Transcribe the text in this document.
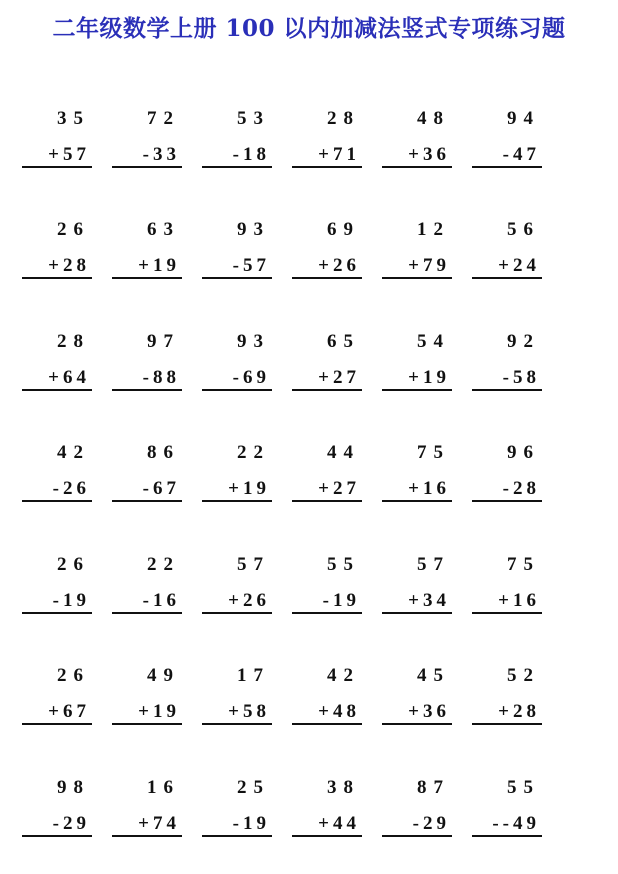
二年级数学上册 100 以内加减法竖式专项练习题
35
+57
72
-33
53
-18
28
+71
48
+36
94
-47
26
+28
63
+19
93
-57
69
+26
12
+79
56
+24
28
+64
97
-88
93
-69
65
+27
54
+19
92
-58
42
-26
86
-67
22
+19
44
+27
75
+16
96
-28
26
-19
22
-16
57
+26
55
-19
57
+34
75
+16
26
+67
49
+19
17
+58
42
+48
45
+36
52
+28
98
-29
16
+74
25
-19
38
+44
87
-29
55
--49
